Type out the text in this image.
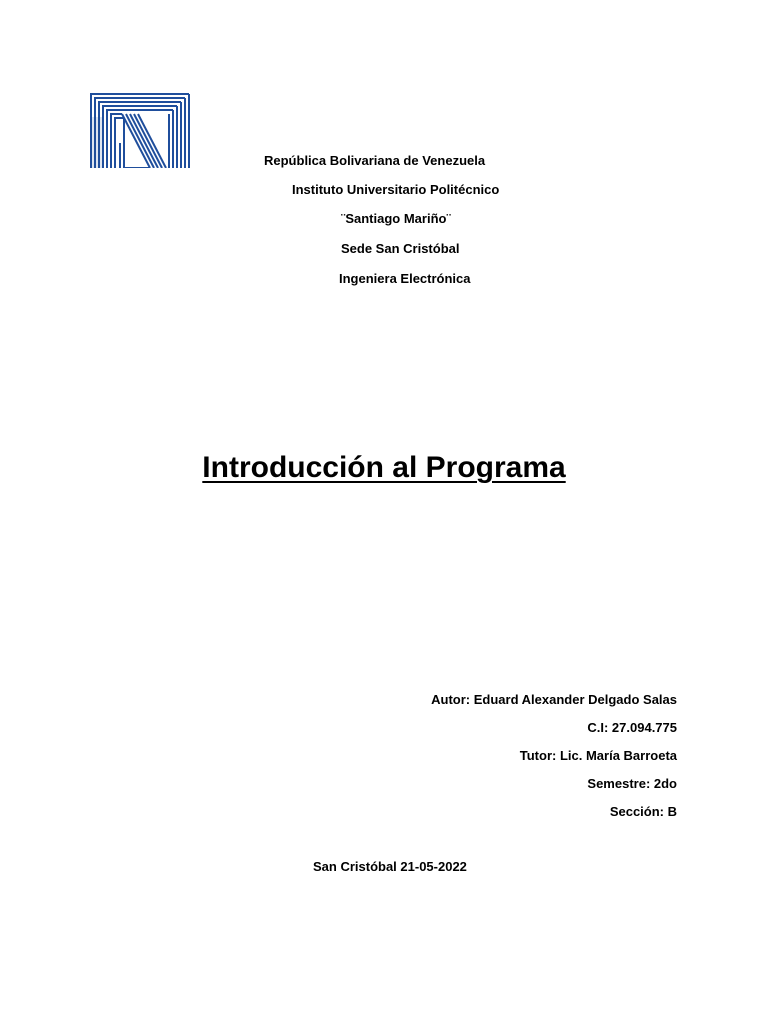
República Bolivariana de Venezuela
Instituto Universitario Politécnico
¨Santiago Mariño¨
Sede San Cristóbal
Ingeniera Electrónica
Introducción al Programa
Autor: Eduard Alexander Delgado Salas
C.I: 27.094.775
Tutor: Lic. María Barroeta
Semestre: 2do
Sección: B
San Cristóbal 21-05-2022
